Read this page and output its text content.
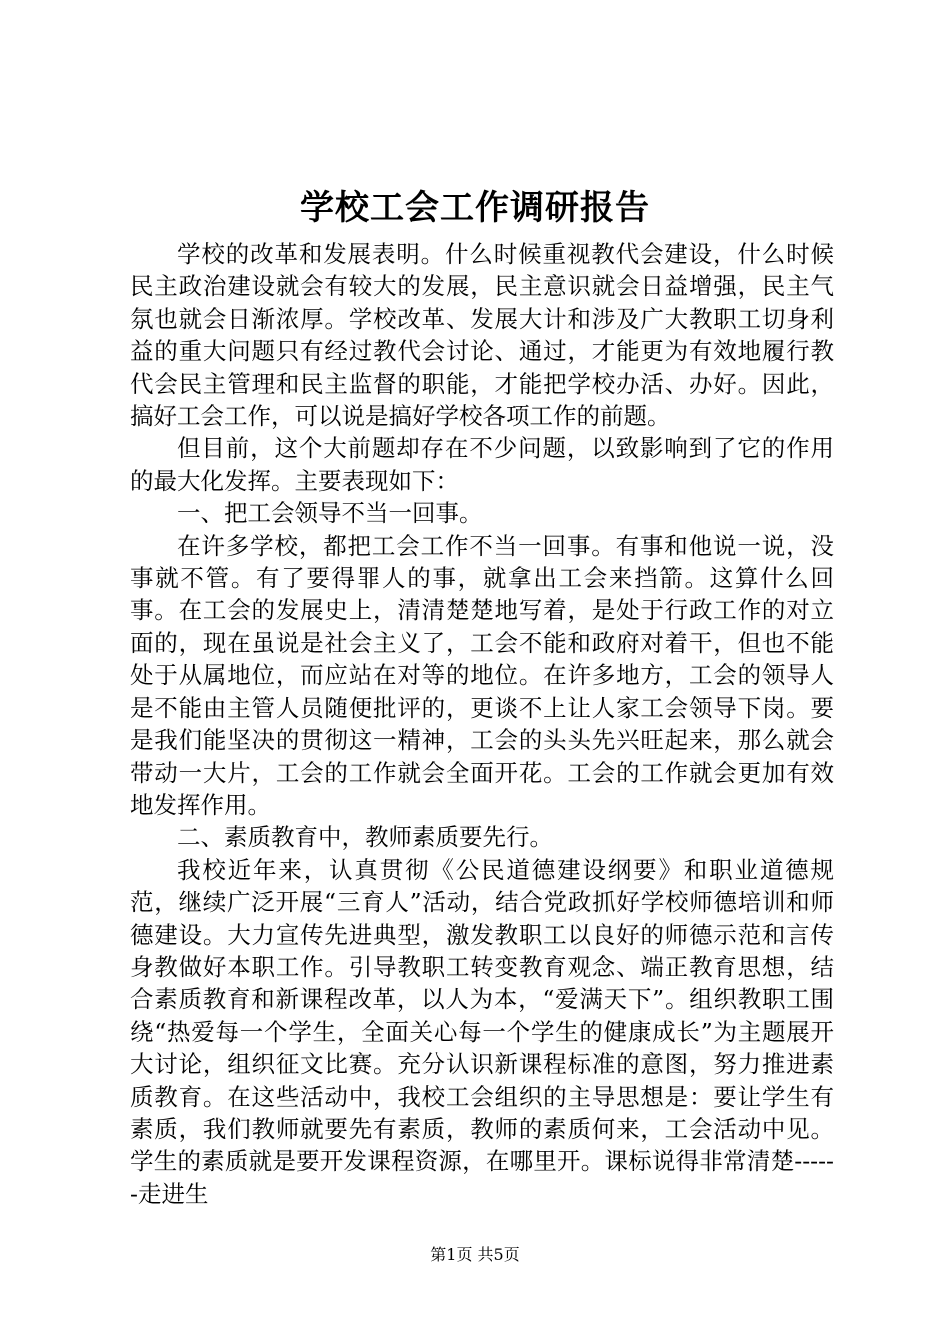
学校工会工作调研报告

学校的改革和发展表明。什么时候重视教代会建设，什么时候民主政治建设就会有较大的发展，民主意识就会日益增强，民主气氛也就会日渐浓厚。学校改革、发展大计和涉及广大教职工切身利益的重大问题只有经过教代会讨论、通过，才能更为有效地履行教代会民主管理和民主监督的职能，才能把学校办活、办好。因此，搞好工会工作，可以说是搞好学校各项工作的前题。

但目前，这个大前题却存在不少问题，以致影响到了它的作用的最大化发挥。主要表现如下：

一、把工会领导不当一回事。

在许多学校，都把工会工作不当一回事。有事和他说一说，没事就不管。有了要得罪人的事，就拿出工会来挡箭。这算什么回事。在工会的发展史上，清清楚楚地写着，是处于行政工作的对立面的，现在虽说是社会主义了，工会不能和政府对着干，但也不能处于从属地位，而应站在对等的地位。在许多地方，工会的领导人是不能由主管人员随便批评的，更谈不上让人家工会领导下岗。要是我们能坚决的贯彻这一精神，工会的头头先兴旺起来，那么就会带动一大片，工会的工作就会全面开花。工会的工作就会更加有效地发挥作用。

二、素质教育中，教师素质要先行。

我校近年来，认真贯彻《公民道德建设纲要》和职业道德规范，继续广泛开展“三育人”活动，结合党政抓好学校师德培训和师德建设。大力宣传先进典型，激发教职工以良好的师德示范和言传身教做好本职工作。引导教职工转变教育观念、端正教育思想，结合素质教育和新课程改革，以人为本，“爱满天下”。组织教职工围绕“热爱每一个学生，全面关心每一个学生的健康成长”为主题展开大讨论，组织征文比赛。充分认识新课程标准的意图，努力推进素质教育。在这些活动中，我校工会组织的主导思想是：要让学生有素质，我们教师就要先有素质，教师的素质何来，工会活动中见。学生的素质就是要开发课程资源，在哪里开。课标说得非常清楚------走进生

第1页 共5页
